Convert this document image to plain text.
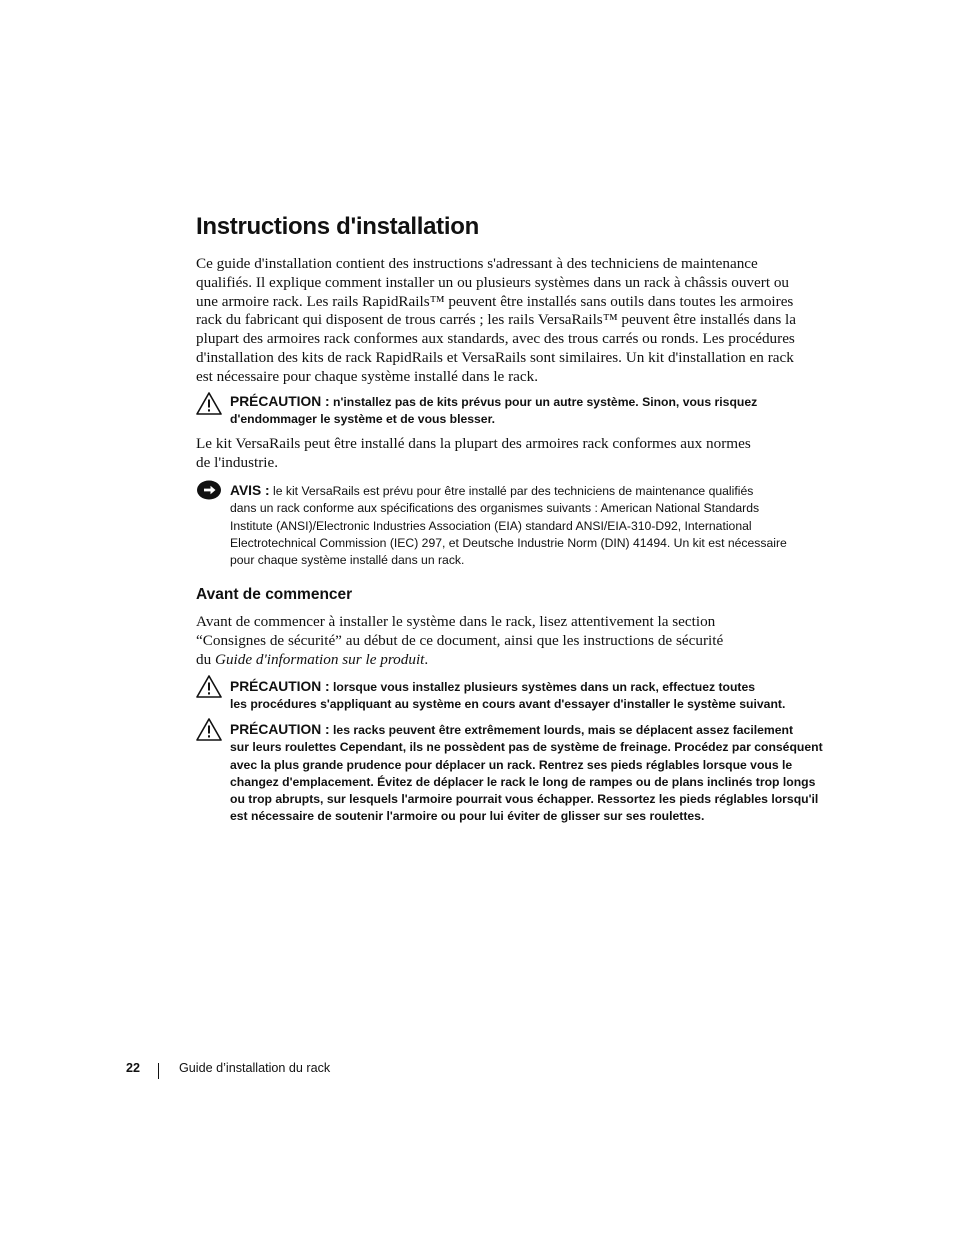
Instructions d'installation

Ce guide d'installation contient des instructions s'adressant à des techniciens de maintenance
qualifiés. Il explique comment installer un ou plusieurs systèmes dans un rack à châssis ouvert ou
une armoire rack. Les rails RapidRails™ peuvent être installés sans outils dans toutes les armoires
rack du fabricant qui disposent de trous carrés ; les rails VersaRails™ peuvent être installés dans la
plupart des armoires rack conformes aux standards, avec des trous carrés ou ronds. Les procédures
d'installation des kits de rack RapidRails et VersaRails sont similaires. Un kit d'installation en rack
est nécessaire pour chaque système installé dans le rack.

PRÉCAUTION : n'installez pas de kits prévus pour un autre système. Sinon, vous risquez
d'endommager le système et de vous blesser.

Le kit VersaRails peut être installé dans la plupart des armoires rack conformes aux normes
de l'industrie.

AVIS : le kit VersaRails est prévu pour être installé par des techniciens de maintenance qualifiés
dans un rack conforme aux spécifications des organismes suivants : American National Standards
Institute (ANSI)/Electronic Industries Association (EIA) standard ANSI/EIA-310-D92, International
Electrotechnical Commission (IEC) 297, et Deutsche Industrie Norm (DIN) 41494. Un kit est nécessaire
pour chaque système installé dans un rack.
Avant de commencer

Avant de commencer à installer le système dans le rack, lisez attentivement la section
“Consignes de sécurité” au début de ce document, ainsi que les instructions de sécurité
du Guide d'information sur le produit.

PRÉCAUTION : lorsque vous installez plusieurs systèmes dans un rack, effectuez toutes
les procédures s'appliquant au système en cours avant d'essayer d'installer le système suivant.
PRÉCAUTION : les racks peuvent être extrêmement lourds, mais se déplacent assez facilement
sur leurs roulettes Cependant, ils ne possèdent pas de système de freinage. Procédez par conséquent
avec la plus grande prudence pour déplacer un rack. Rentrez ses pieds réglables lorsque vous le
changez d'emplacement. Évitez de déplacer le rack le long de rampes ou de plans inclinés trop longs
ou trop abrupts, sur lesquels l'armoire pourrait vous échapper. Ressortez les pieds réglables lorsqu'il
est nécessaire de soutenir l'armoire ou pour lui éviter de glisser sur ses roulettes.
22	Guide d’installation du rack
